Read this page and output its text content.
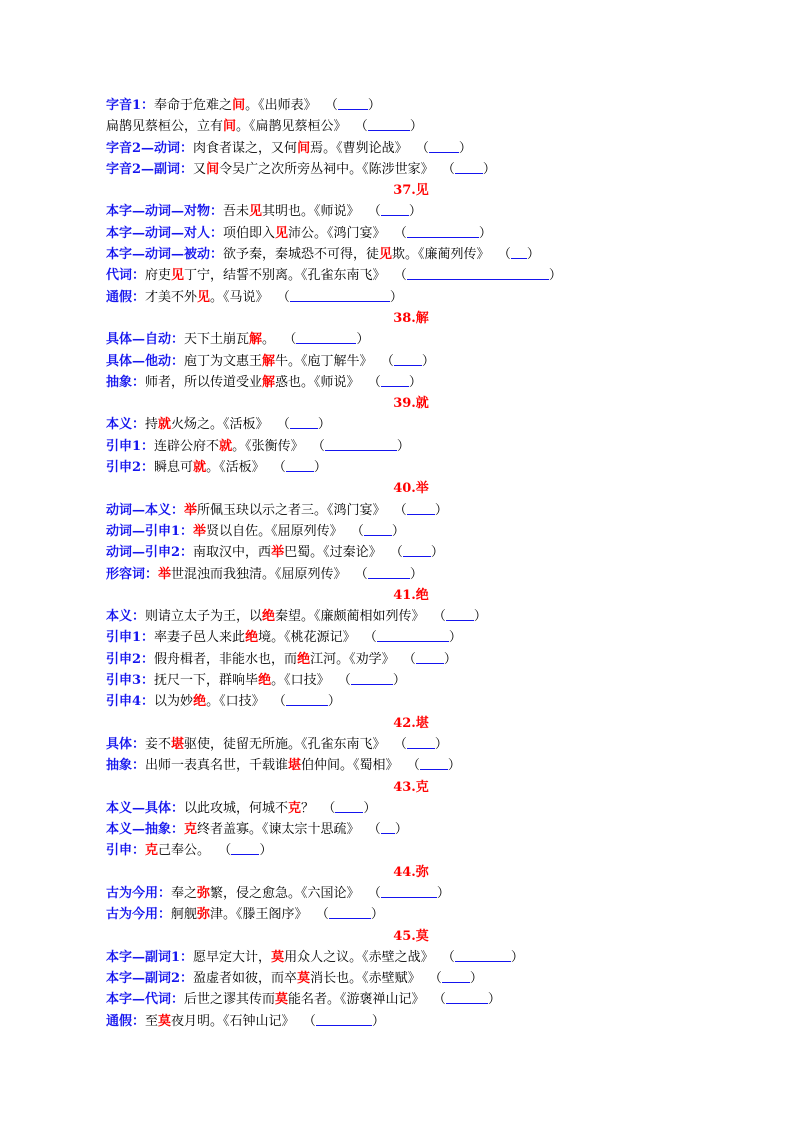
字音1：奉命于危难之间。《出师表》  （ ）
扁鹊见蔡桓公，立有间。《扁鹊见蔡桓公》  （	）
字音2—动词：肉食者谋之，又何间焉。《曹刿论战》  （ ）
字音2—副词：又间令吴广之次所旁丛祠中。《陈涉世家》  （ ）
37.见
本字—动词—对物：吾未见其明也。《师说》  （ ）
本字—动词—对人：项伯即入见沛公。《鸿门宴》  （	）
本字—动词—被动：欲予秦，秦城恐不可得，徒见欺。《廉蔺列传》  （ ）
代词：府吏见丁宁，结誓不别离。《孔雀东南飞》  （	）
通假：才美不外见。《马说》  （	）
38.解
具体—自动：天下土崩瓦解。  （	）
具体—他动：庖丁为文惠王解牛。《庖丁解牛》  （ ）
抽象：师者，所以传道受业解惑也。《师说》  （ ）
39.就
本义：持就火炀之。《活板》  （ ）
引申1：连辟公府不就。《张衡传》  （	）
引申2：瞬息可就。《活板》  （ ）
40.举
动词—本义：举所佩玉玦以示之者三。《鸿门宴》  （ ）
动词—引申1：举贤以自佐。《屈原列传》  （ ）
动词—引申2：南取汉中，西举巴蜀。《过秦论》  （ ）
形容词：举世混浊而我独清。《屈原列传》  （	）
41.绝
本义：则请立太子为王，以绝秦望。《廉颇蔺相如列传》  （ ）
引申1：率妻子邑人来此绝境。《桃花源记》  （	）
引申2：假舟楫者，非能水也，而绝江河。《劝学》  （ ）
引申3：抚尺一下，群响毕绝。《口技》  （	）
引申4：以为妙绝。《口技》  （	）
42.堪
具体：妾不堪驱使，徒留无所施。《孔雀东南飞》  （ ）
抽象：出师一表真名世，千载谁堪伯仲间。《蜀相》  （ ）
43.克
本义—具体：以此攻城，何城不克？  （ ）
本义—抽象：克终者盖寡。《谏太宗十思疏》  （ ）
引申：克己奉公。  （ ）
44.弥
古为今用：奉之弥繁，侵之愈急。《六国论》  （	）
古为今用：舸舰弥津。《滕王阁序》  （	）
45.莫
本字—副词1：愿早定大计，莫用众人之议。《赤壁之战》  （	）
本字—副词2：盈虚者如彼，而卒莫消长也。《赤壁赋》  （ ）
本字—代词：后世之谬其传而莫能名者。《游褒禅山记》  （	）
通假：至莫夜月明。《石钟山记》  （	）
